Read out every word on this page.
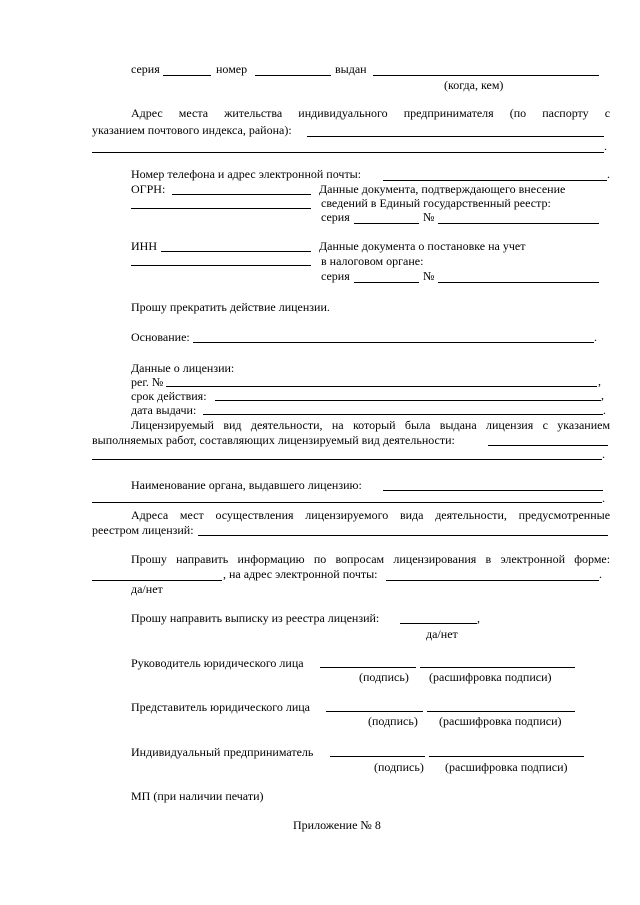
серия	номер	выдан
(когда, кем)
Адрес места жительства индивидуального предпринимателя (по паспорту с
указанием почтового индекса, района):
.
Номер телефона и адрес электронной почты:	.
ОГРН:	Данные документа, подтверждающего внесение
сведений в Единый государственный реестр:
серия	№
ИНН	Данные документа о постановке на учет
в налоговом органе:
серия	№
Прошу прекратить действие лицензии.
Основание:	.
Данные о лицензии:
рег. №	,
срок действия:	,
дата выдачи:	.
Лицензируемый вид деятельности, на который была выдана лицензия с указанием
выполняемых работ, составляющих лицензируемый вид деятельности:
.
Наименование органа, выдавшего лицензию:
.
Адреса мест осуществления лицензируемого вида деятельности, предусмотренные
реестром лицензий:
Прошу направить информацию по вопросам лицензирования в электронной форме:
, на адрес электронной почты:	.
да/нет
Прошу направить выписку из реестра лицензий:	,
да/нет
Руководитель юридического лица
(подпись) (расшифровка подписи)
Представитель юридического лица
(подпись) (расшифровка подписи)
Индивидуальный предприниматель
(подпись) (расшифровка подписи)
МП (при наличии печати)
Приложение № 8
